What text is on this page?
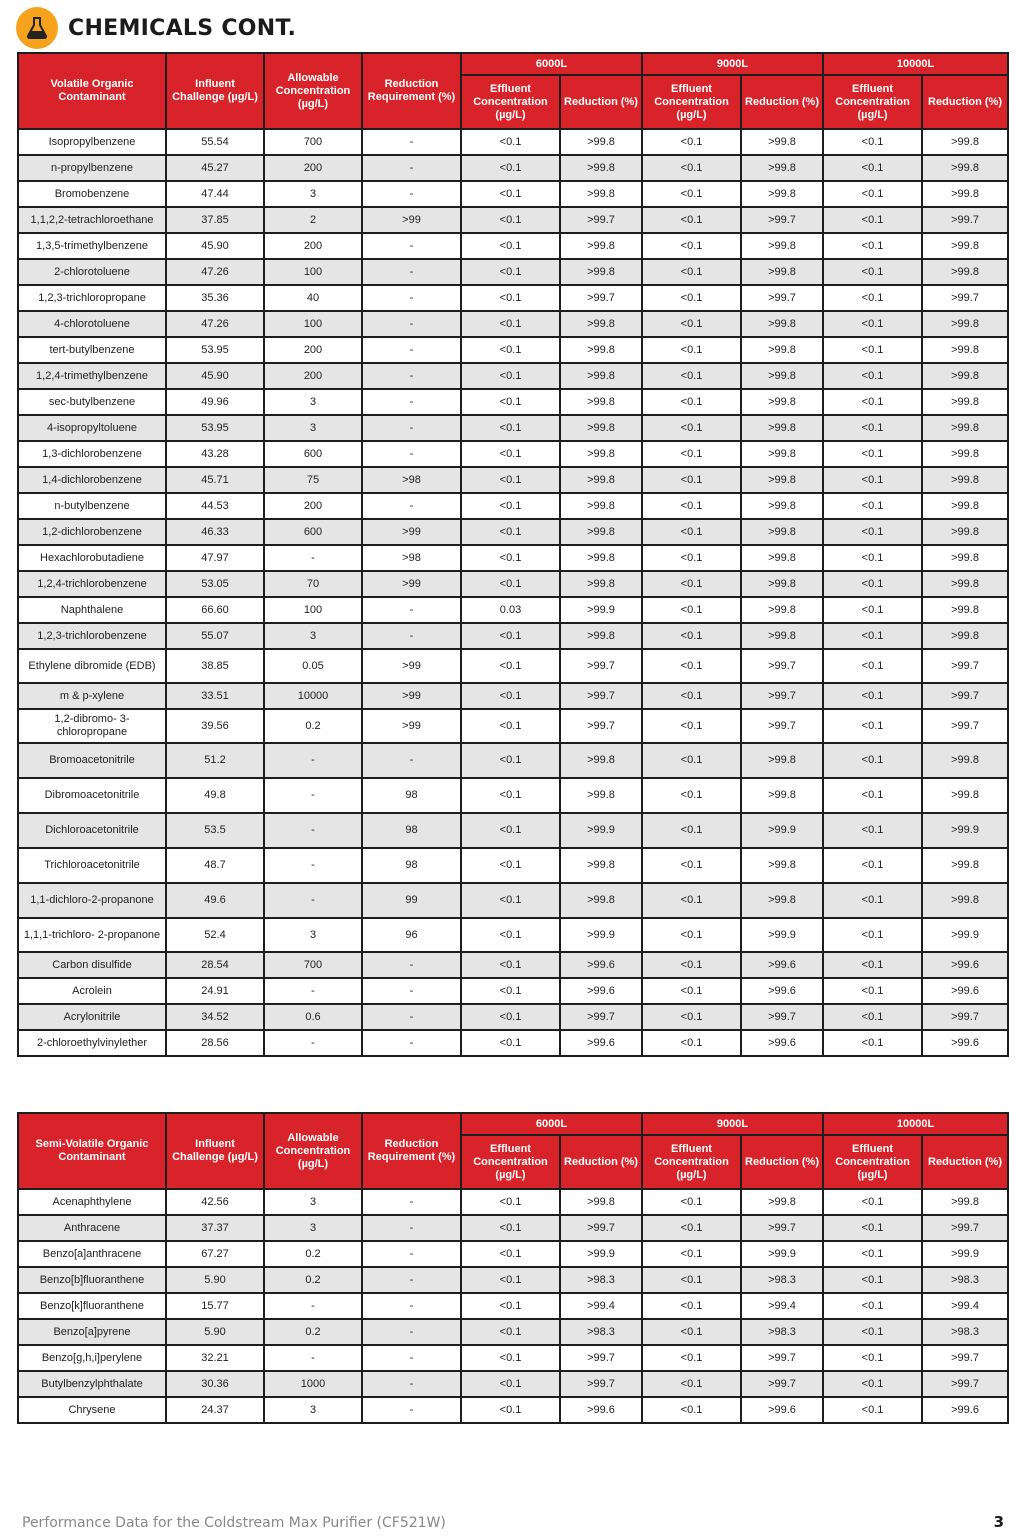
CHEMICALS CONT.
Volatile Organic Contaminant	Influent Challenge (µg/L)	Allowable Concentration (µg/L)	Reduction Requirement (%)	6000L		9000L		10000L	
				Effluent Concentration (µg/L)	Reduction (%)	Effluent Concentration (µg/L)	Reduction (%)	Effluent Concentration (µg/L)	Reduction (%)
Isopropylbenzene	55.54	700	-	<0.1	>99.8	<0.1	>99.8	<0.1	>99.8
n-propylbenzene	45.27	200	-	<0.1	>99.8	<0.1	>99.8	<0.1	>99.8
Bromobenzene	47.44	3	-	<0.1	>99.8	<0.1	>99.8	<0.1	>99.8
1,1,2,2-tetrachloroethane	37.85	2	>99	<0.1	>99.7	<0.1	>99.7	<0.1	>99.7
1,3,5-trimethylbenzene	45.90	200	-	<0.1	>99.8	<0.1	>99.8	<0.1	>99.8
2-chlorotoluene	47.26	100	-	<0.1	>99.8	<0.1	>99.8	<0.1	>99.8
1,2,3-trichloropropane	35.36	40	-	<0.1	>99.7	<0.1	>99.7	<0.1	>99.7
4-chlorotoluene	47.26	100	-	<0.1	>99.8	<0.1	>99.8	<0.1	>99.8
tert-butylbenzene	53.95	200	-	<0.1	>99.8	<0.1	>99.8	<0.1	>99.8
1,2,4-trimethylbenzene	45.90	200	-	<0.1	>99.8	<0.1	>99.8	<0.1	>99.8
sec-butylbenzene	49.96	3	-	<0.1	>99.8	<0.1	>99.8	<0.1	>99.8
4-isopropyltoluene	53.95	3	-	<0.1	>99.8	<0.1	>99.8	<0.1	>99.8
1,3-dichlorobenzene	43.28	600	-	<0.1	>99.8	<0.1	>99.8	<0.1	>99.8
1,4-dichlorobenzene	45.71	75	>98	<0.1	>99.8	<0.1	>99.8	<0.1	>99.8
n-butylbenzene	44.53	200	-	<0.1	>99.8	<0.1	>99.8	<0.1	>99.8
1,2-dichlorobenzene	46.33	600	>99	<0.1	>99.8	<0.1	>99.8	<0.1	>99.8
Hexachlorobutadiene	47.97	-	>98	<0.1	>99.8	<0.1	>99.8	<0.1	>99.8
1,2,4-trichlorobenzene	53.05	70	>99	<0.1	>99.8	<0.1	>99.8	<0.1	>99.8
Naphthalene	66.60	100	-	0.03	>99.9	<0.1	>99.8	<0.1	>99.8
1,2,3-trichlorobenzene	55.07	3	-	<0.1	>99.8	<0.1	>99.8	<0.1	>99.8
Ethylene dibromide (EDB)	38.85	0.05	>99	<0.1	>99.7	<0.1	>99.7	<0.1	>99.7
m & p-xylene	33.51	10000	>99	<0.1	>99.7	<0.1	>99.7	<0.1	>99.7
1,2-dibromo- 3-chloropropane	39.56	0.2	>99	<0.1	>99.7	<0.1	>99.7	<0.1	>99.7
Bromoacetonitrile	51.2	-	-	<0.1	>99.8	<0.1	>99.8	<0.1	>99.8
Dibromoacetonitrile	49.8	-	98	<0.1	>99.8	<0.1	>99.8	<0.1	>99.8
Dichloroacetonitrile	53.5	-	98	<0.1	>99.9	<0.1	>99.9	<0.1	>99.9
Trichloroacetonitrile	48.7	-	98	<0.1	>99.8	<0.1	>99.8	<0.1	>99.8
1,1-dichloro-2-propanone	49.6	-	99	<0.1	>99.8	<0.1	>99.8	<0.1	>99.8
1,1,1-trichloro- 2-propanone	52.4	3	96	<0.1	>99.9	<0.1	>99.9	<0.1	>99.9
Carbon disulfide	28.54	700	-	<0.1	>99.6	<0.1	>99.6	<0.1	>99.6
Acrolein	24.91	-	-	<0.1	>99.6	<0.1	>99.6	<0.1	>99.6
Acrylonitrile	34.52	0.6	-	<0.1	>99.7	<0.1	>99.7	<0.1	>99.7
2-chloroethylvinylether	28.56	-	-	<0.1	>99.6	<0.1	>99.6	<0.1	>99.6
Semi-Volatile Organic Contaminant	Influent Challenge (µg/L)	Allowable Concentration (µg/L)	Reduction Requirement (%)	6000L		9000L		10000L	
				Effluent Concentration (µg/L)	Reduction (%)	Effluent Concentration (µg/L)	Reduction (%)	Effluent Concentration (µg/L)	Reduction (%)
Acenaphthylene	42.56	3	-	<0.1	>99.8	<0.1	>99.8	<0.1	>99.8
Anthracene	37.37	3	-	<0.1	>99.7	<0.1	>99.7	<0.1	>99.7
Benzo[a]anthracene	67.27	0.2	-	<0.1	>99.9	<0.1	>99.9	<0.1	>99.9
Benzo[b]fluoranthene	5.90	0.2	-	<0.1	>98.3	<0.1	>98.3	<0.1	>98.3
Benzo[k]fluoranthene	15.77	-	-	<0.1	>99.4	<0.1	>99.4	<0.1	>99.4
Benzo[a]pyrene	5.90	0.2	-	<0.1	>98.3	<0.1	>98.3	<0.1	>98.3
Benzo[g,h,i]perylene	32.21	-	-	<0.1	>99.7	<0.1	>99.7	<0.1	>99.7
Butylbenzylphthalate	30.36	1000	-	<0.1	>99.7	<0.1	>99.7	<0.1	>99.7
Chrysene	24.37	3	-	<0.1	>99.6	<0.1	>99.6	<0.1	>99.6
Performance Data for the Coldstream Max Purifier (CF521W)	3
